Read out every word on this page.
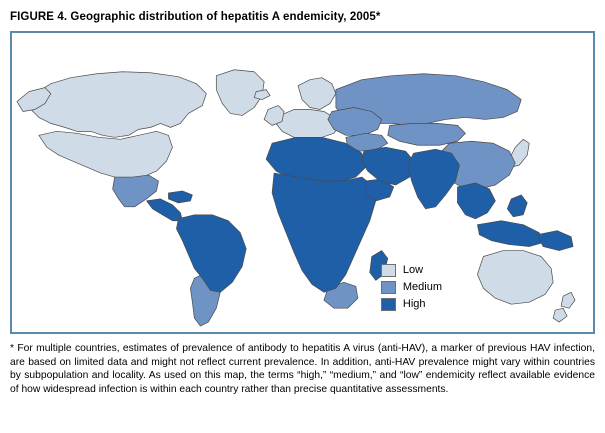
FIGURE 4. Geographic distribution of hepatitis A endemicity, 2005*
Low
Medium
High
* For multiple countries, estimates of prevalence of antibody to hepatitis A virus (anti-HAV), a marker of previous HAV infection, are based on limited data and might not reflect current prevalence. In addition, anti-HAV prevalence might vary within countries by subpopulation and locality. As used on this map, the terms “high,” “medium,” and “low” endemicity reflect available evidence of how widespread infection is within each country rather than precise quantitative assessments.
